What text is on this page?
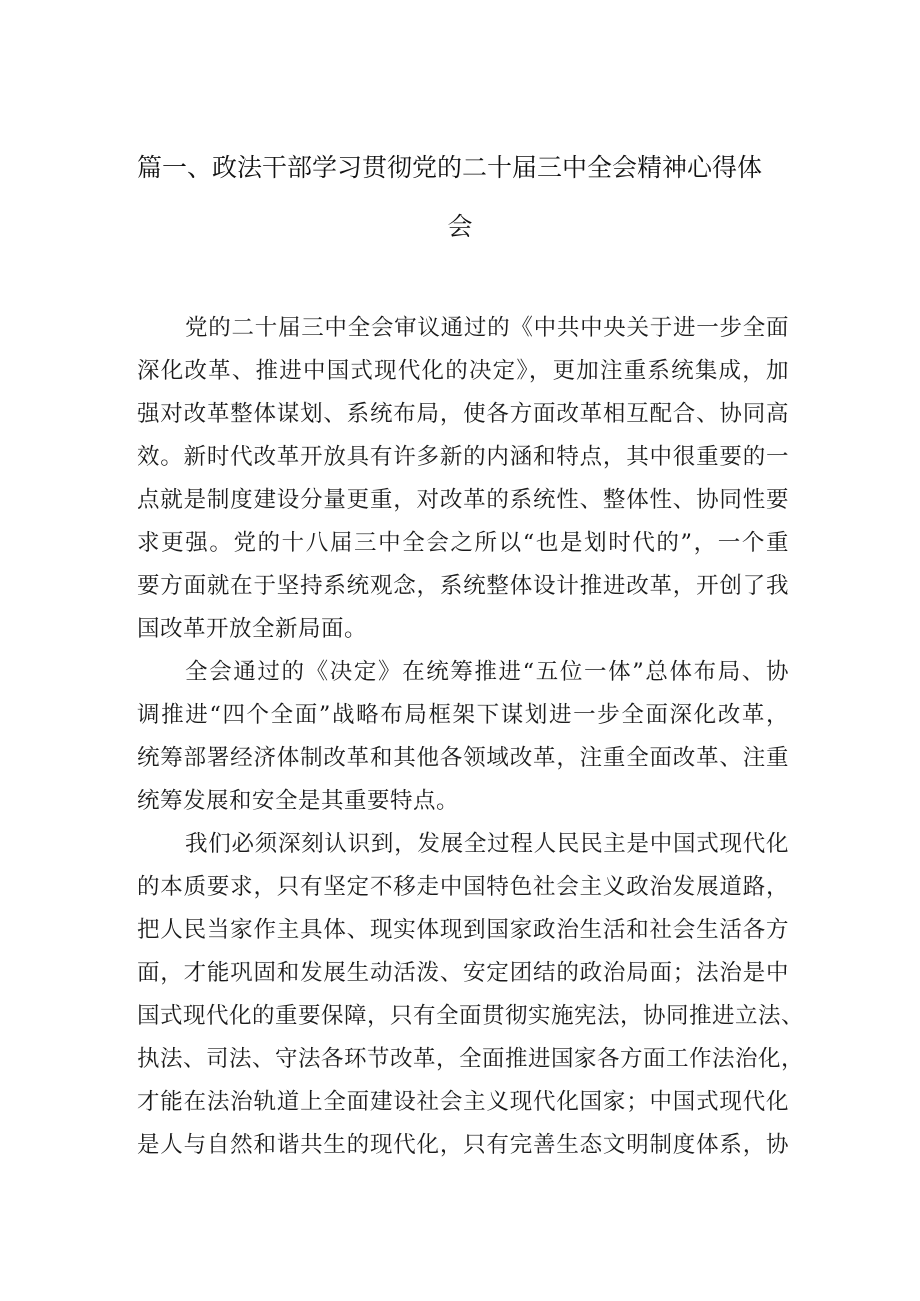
篇一、政法干部学习贯彻党的二十届三中全会精神心得体
会
党的二十届三中全会审议通过的《中共中央关于进一步全面
深化改革、推进中国式现代化的决定》，更加注重系统集成，加
强对改革整体谋划、系统布局，使各方面改革相互配合、协同高
效。新时代改革开放具有许多新的内涵和特点，其中很重要的一
点就是制度建设分量更重，对改革的系统性、整体性、协同性要
求更强。党的十八届三中全会之所以“也是划时代的”，一个重
要方面就在于坚持系统观念，系统整体设计推进改革，开创了我
国改革开放全新局面。
全会通过的《决定》在统筹推进“五位一体”总体布局、协
调推进“四个全面”战略布局框架下谋划进一步全面深化改革，
统筹部署经济体制改革和其他各领域改革，注重全面改革、注重
统筹发展和安全是其重要特点。
我们必须深刻认识到，发展全过程人民民主是中国式现代化
的本质要求，只有坚定不移走中国特色社会主义政治发展道路，
把人民当家作主具体、现实体现到国家政治生活和社会生活各方
面，才能巩固和发展生动活泼、安定团结的政治局面；法治是中
国式现代化的重要保障，只有全面贯彻实施宪法，协同推进立法、
执法、司法、守法各环节改革，全面推进国家各方面工作法治化，
才能在法治轨道上全面建设社会主义现代化国家；中国式现代化
是人与自然和谐共生的现代化，只有完善生态文明制度体系，协
